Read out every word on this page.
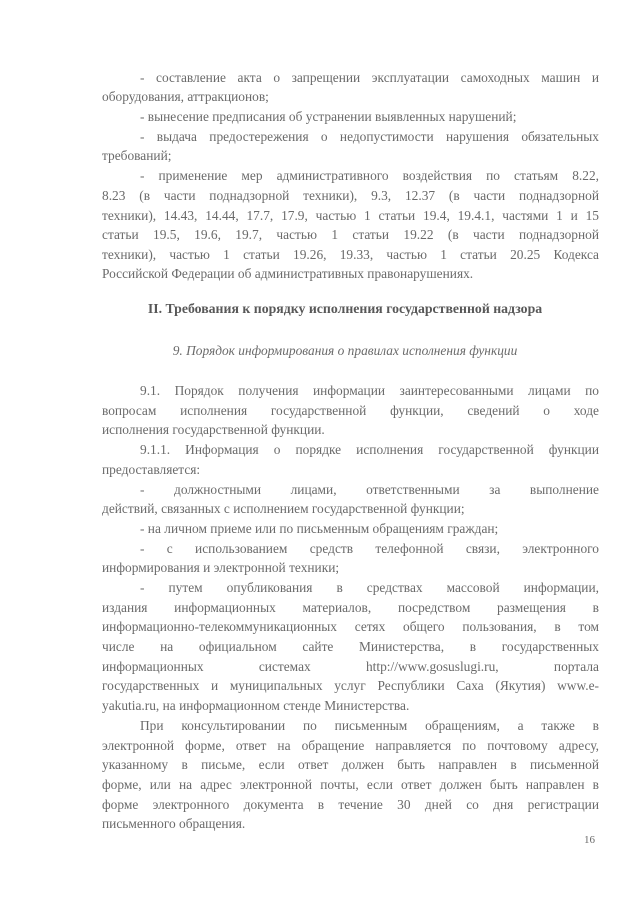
- составление акта о запрещении эксплуатации самоходных машин и
оборудования, аттракционов;
- вынесение предписания об устранении выявленных нарушений;
- выдача предостережения о недопустимости нарушения обязательных
требований;
- применение мер административного воздействия по статьям 8.22,
8.23 (в части поднадзорной техники), 9.3, 12.37 (в части поднадзорной
техники), 14.43, 14.44, 17.7, 17.9, частью 1 статьи 19.4, 19.4.1, частями 1 и 15
статьи 19.5, 19.6, 19.7, частью 1 статьи 19.22 (в части поднадзорной
техники), частью 1 статьи 19.26, 19.33, частью 1 статьи 20.25 Кодекса
Российской Федерации об административных правонарушениях.
II. Требования к порядку исполнения государственной надзора
9. Порядок информирования о правилах исполнения функции
9.1. Порядок получения информации заинтересованными лицами по
вопросам исполнения государственной функции, сведений о ходе
исполнения государственной функции.
9.1.1. Информация о порядке исполнения государственной функции
предоставляется:
- должностными лицами, ответственными за выполнение
действий, связанных с исполнением государственной функции;
- на личном приеме или по письменным обращениям граждан;
- с использованием средств телефонной связи, электронного
информирования и электронной техники;
- путем опубликования в средствах массовой информации,
издания информационных материалов, посредством размещения в
информационно-телекоммуникационных сетях общего пользования, в том
числе на официальном сайте Министерства, в государственных
информационных системах http://www.gosuslugi.ru, портала
государственных и муниципальных услуг Республики Саха (Якутия) www.e-
yakutia.ru, на информационном стенде Министерства.
При консультировании по письменным обращениям, а также в
электронной форме, ответ на обращение направляется по почтовому адресу,
указанному в письме, если ответ должен быть направлен в письменной
форме, или на адрес электронной почты, если ответ должен быть направлен в
форме электронного документа в течение 30 дней со дня регистрации
письменного обращения.
16
